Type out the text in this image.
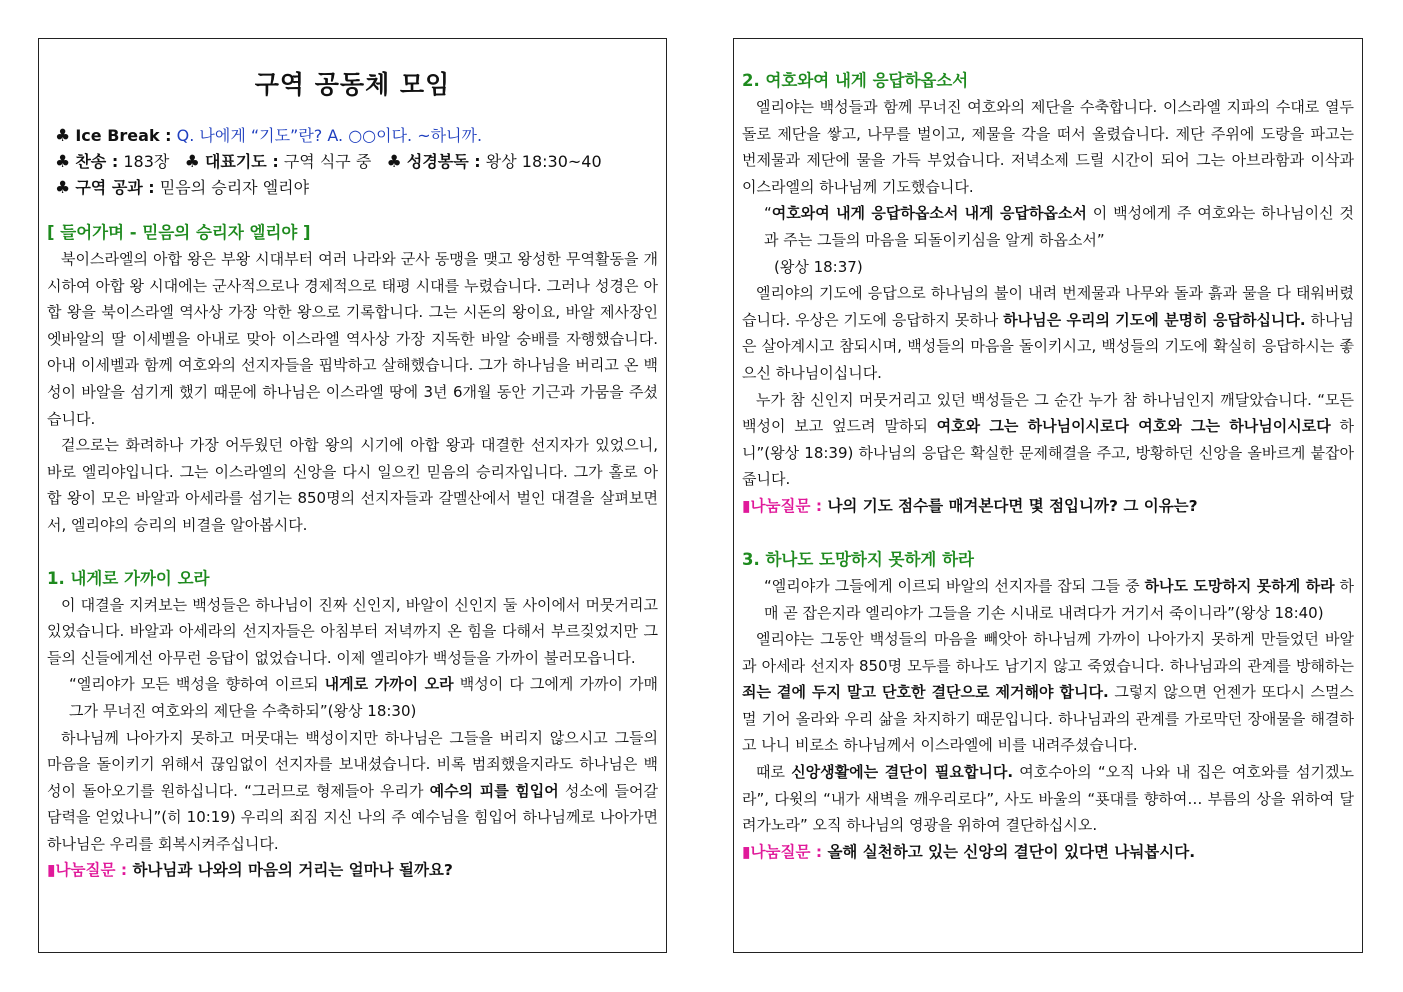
구역 공동체 모임
♣ Ice Break : Q. 나에게 “기도”란? A. ○○이다. ~하니까.
♣ 찬송 : 183장 ♣ 대표기도 : 구역 식구 중 ♣ 성경봉독 : 왕상 18:30~40
♣ 구역 공과 : 믿음의 승리자 엘리야
[ 들어가며 - 믿음의 승리자 엘리야 ]

북이스라엘의 아합 왕은 부왕 시대부터 여러 나라와 군사 동맹을 맺고 왕성한 무역활동을 개시하여 아합 왕 시대에는 군사적으로나 경제적으로 태평 시대를 누렸습니다. 그러나 성경은 아합 왕을 북이스라엘 역사상 가장 악한 왕으로 기록합니다. 그는 시돈의 왕이요, 바알 제사장인 엣바알의 딸 이세벨을 아내로 맞아 이스라엘 역사상 가장 지독한 바알 숭배를 자행했습니다. 아내 이세벨과 함께 여호와의 선지자들을 핍박하고 살해했습니다. 그가 하나님을 버리고 온 백성이 바알을 섬기게 했기 때문에 하나님은 이스라엘 땅에 3년 6개월 동안 기근과 가뭄을 주셨습니다.

겉으로는 화려하나 가장 어두웠던 아합 왕의 시기에 아합 왕과 대결한 선지자가 있었으니, 바로 엘리야입니다. 그는 이스라엘의 신앙을 다시 일으킨 믿음의 승리자입니다. 그가 홀로 아합 왕이 모은 바알과 아세라를 섬기는 850명의 선지자들과 갈멜산에서 벌인 대결을 살펴보면서, 엘리야의 승리의 비결을 알아봅시다.

1. 내게로 가까이 오라

이 대결을 지켜보는 백성들은 하나님이 진짜 신인지, 바알이 신인지 둘 사이에서 머뭇거리고 있었습니다. 바알과 아세라의 선지자들은 아침부터 저녁까지 온 힘을 다해서 부르짖었지만 그들의 신들에게선 아무런 응답이 없었습니다. 이제 엘리야가 백성들을 가까이 불러모읍니다.

“엘리야가 모든 백성을 향하여 이르되 내게로 가까이 오라 백성이 다 그에게 가까이 가매 그가 무너진 여호와의 제단을 수축하되”(왕상 18:30)

하나님께 나아가지 못하고 머뭇대는 백성이지만 하나님은 그들을 버리지 않으시고 그들의 마음을 돌이키기 위해서 끊임없이 선지자를 보내셨습니다. 비록 범죄했을지라도 하나님은 백성이 돌아오기를 원하십니다. “그러므로 형제들아 우리가 예수의 피를 힘입어 성소에 들어갈 담력을 얻었나니”(히 10:19) 우리의 죄짐 지신 나의 주 예수님을 힘입어 하나님께로 나아가면 하나님은 우리를 회복시켜주십니다.

▮나눔질문 : 하나님과 나와의 마음의 거리는 얼마나 될까요?
2. 여호와여 내게 응답하옵소서

엘리야는 백성들과 함께 무너진 여호와의 제단을 수축합니다. 이스라엘 지파의 수대로 열두 돌로 제단을 쌓고, 나무를 벌이고, 제물을 각을 떠서 올렸습니다. 제단 주위에 도랑을 파고는 번제물과 제단에 물을 가득 부었습니다. 저녁소제 드릴 시간이 되어 그는 아브라함과 이삭과 이스라엘의 하나님께 기도했습니다.

“여호와여 내게 응답하옵소서 내게 응답하옵소서 이 백성에게 주 여호와는 하나님이신 것과 주는 그들의 마음을 되돌이키심을 알게 하옵소서”
(왕상 18:37)

엘리야의 기도에 응답으로 하나님의 불이 내려 번제물과 나무와 돌과 흙과 물을 다 태워버렸습니다. 우상은 기도에 응답하지 못하나 하나님은 우리의 기도에 분명히 응답하십니다. 하나님은 살아계시고 참되시며, 백성들의 마음을 돌이키시고, 백성들의 기도에 확실히 응답하시는 좋으신 하나님이십니다.

누가 참 신인지 머뭇거리고 있던 백성들은 그 순간 누가 참 하나님인지 깨달았습니다. “모든 백성이 보고 엎드려 말하되 여호와 그는 하나님이시로다 여호와 그는 하나님이시로다 하니”(왕상 18:39) 하나님의 응답은 확실한 문제해결을 주고, 방황하던 신앙을 올바르게 붙잡아줍니다.

▮나눔질문 : 나의 기도 점수를 매겨본다면 몇 점입니까? 그 이유는?
3. 하나도 도망하지 못하게 하라

“엘리야가 그들에게 이르되 바알의 선지자를 잡되 그들 중 하나도 도망하지 못하게 하라 하매 곧 잡은지라 엘리야가 그들을 기손 시내로 내려다가 거기서 죽이니라”(왕상 18:40)

엘리야는 그동안 백성들의 마음을 빼앗아 하나님께 가까이 나아가지 못하게 만들었던 바알과 아세라 선지자 850명 모두를 하나도 남기지 않고 죽였습니다. 하나님과의 관계를 방해하는 죄는 곁에 두지 말고 단호한 결단으로 제거해야 합니다. 그렇지 않으면 언젠가 또다시 스멀스멀 기어 올라와 우리 삶을 차지하기 때문입니다. 하나님과의 관계를 가로막던 장애물을 해결하고 나니 비로소 하나님께서 이스라엘에 비를 내려주셨습니다.

때로 신앙생활에는 결단이 필요합니다. 여호수아의 “오직 나와 내 집은 여호와를 섬기겠노라”, 다윗의 “내가 새벽을 깨우리로다”, 사도 바울의 “푯대를 향하여… 부름의 상을 위하여 달려가노라” 오직 하나님의 영광을 위하여 결단하십시오.

▮나눔질문 : 올해 실천하고 있는 신앙의 결단이 있다면 나눠봅시다.
